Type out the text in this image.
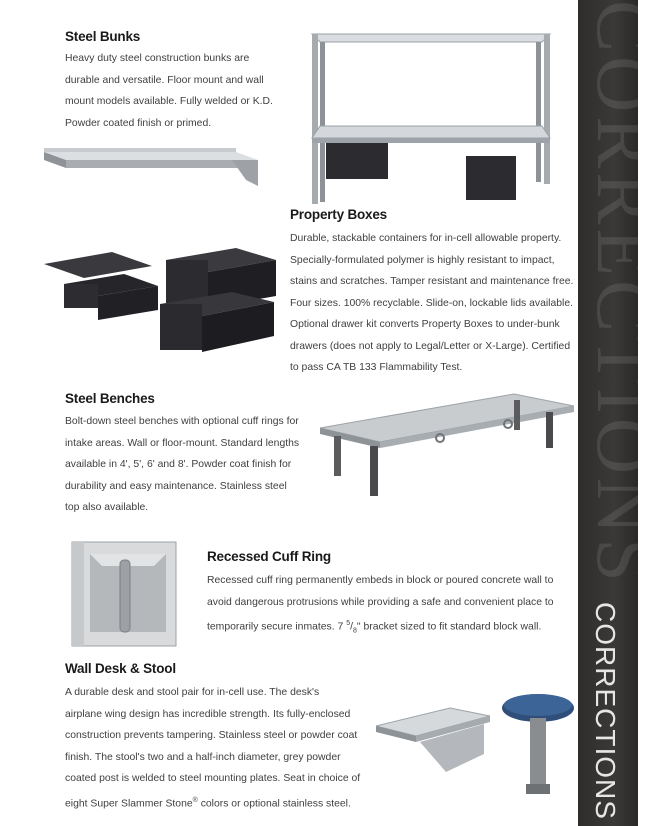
CORRECTIONS
CORRECTIONS
Steel Bunks
Heavy duty steel construction bunks are
durable and versatile. Floor mount and wall
mount models available. Fully welded or K.D.
Powder coated finish or primed.
Property Boxes
Durable, stackable containers for in-cell allowable property.
Specially-formulated polymer is highly resistant to impact,
stains and scratches. Tamper resistant and maintenance free.
Four sizes. 100% recyclable. Slide-on, lockable lids available.
Optional drawer kit converts Property Boxes to under-bunk
drawers (does not apply to Legal/Letter or X-Large). Certified
to pass CA TB 133 Flammability Test.
Steel Benches
Bolt-down steel benches with optional cuff rings for
intake areas. Wall or floor-mount. Standard lengths
available in 4', 5', 6' and 8'. Powder coat finish for
durability and easy maintenance. Stainless steel
top also available.
Recessed Cuff Ring
Recessed cuff ring permanently embeds in block or poured concrete wall to
avoid dangerous protrusions while providing a safe and convenient place to
temporarily secure inmates. 7 $^5/_8$" bracket sized to fit standard block wall.
Wall Desk & Stool
A durable desk and stool pair for in-cell use. The desk's
airplane wing design has incredible strength. Its fully-enclosed
construction prevents tampering. Stainless steel or powder coat
finish. The stool's two and a half-inch diameter, grey powder
coated post is welded to steel mounting plates. Seat in choice of
eight Super Slammer Stone® colors or optional stainless steel.
